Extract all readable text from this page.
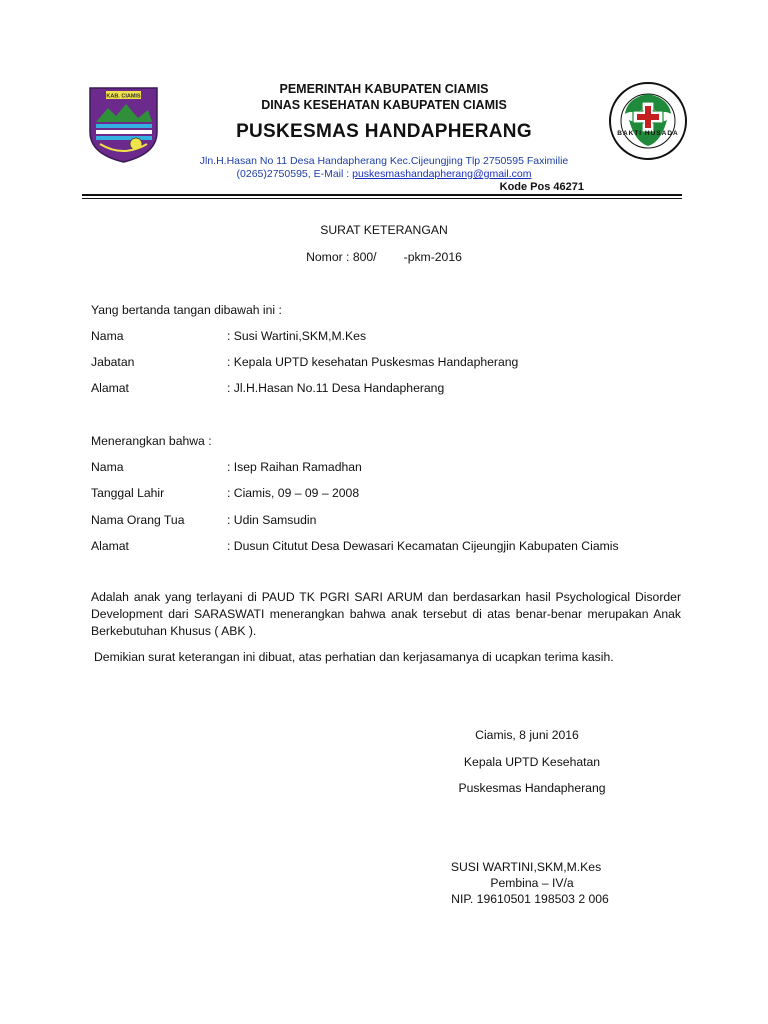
KAB. CIAMIS
BAKTI HUSADA
PEMERINTAH KABUPATEN CIAMIS
DINAS KESEHATAN KABUPATEN CIAMIS
PUSKESMAS HANDAPHERANG
Jln.H.Hasan No 11 Desa Handapherang Kec.Cijeungjing Tlp 2750595 Faximilie
(0265)2750595, E-Mail : puskesmashandapherang@gmail.com
Kode Pos 46271
SURAT KETERANGAN
Nomor : 800/        -pkm-2016
Yang bertanda tangan dibawah ini :
Nama	: Susi Wartini,SKM,M.Kes
Jabatan	: Kepala UPTD kesehatan Puskesmas Handapherang
Alamat	: Jl.H.Hasan No.11 Desa Handapherang
Menerangkan bahwa :
Nama	: Isep Raihan Ramadhan
Tanggal Lahir	: Ciamis, 09 – 09 – 2008
Nama Orang Tua	: Udin Samsudin
Alamat	: Dusun Citutut Desa Dewasari Kecamatan Cijeungjin Kabupaten Ciamis
Adalah anak yang terlayani di PAUD TK PGRI SARI ARUM dan berdasarkan hasil Psychological Disorder Development dari SARASWATI menerangkan bahwa anak tersebut di atas benar-benar merupakan Anak Berkebutuhan Khusus ( ABK ).
Demikian surat keterangan ini dibuat, atas perhatian dan kerjasamanya di ucapkan terima kasih.
Ciamis, 8 juni 2016
Kepala UPTD Kesehatan
Puskesmas Handapherang
SUSI WARTINI,SKM,M.Kes
Pembina – IV/a
NIP. 19610501 198503 2 006
